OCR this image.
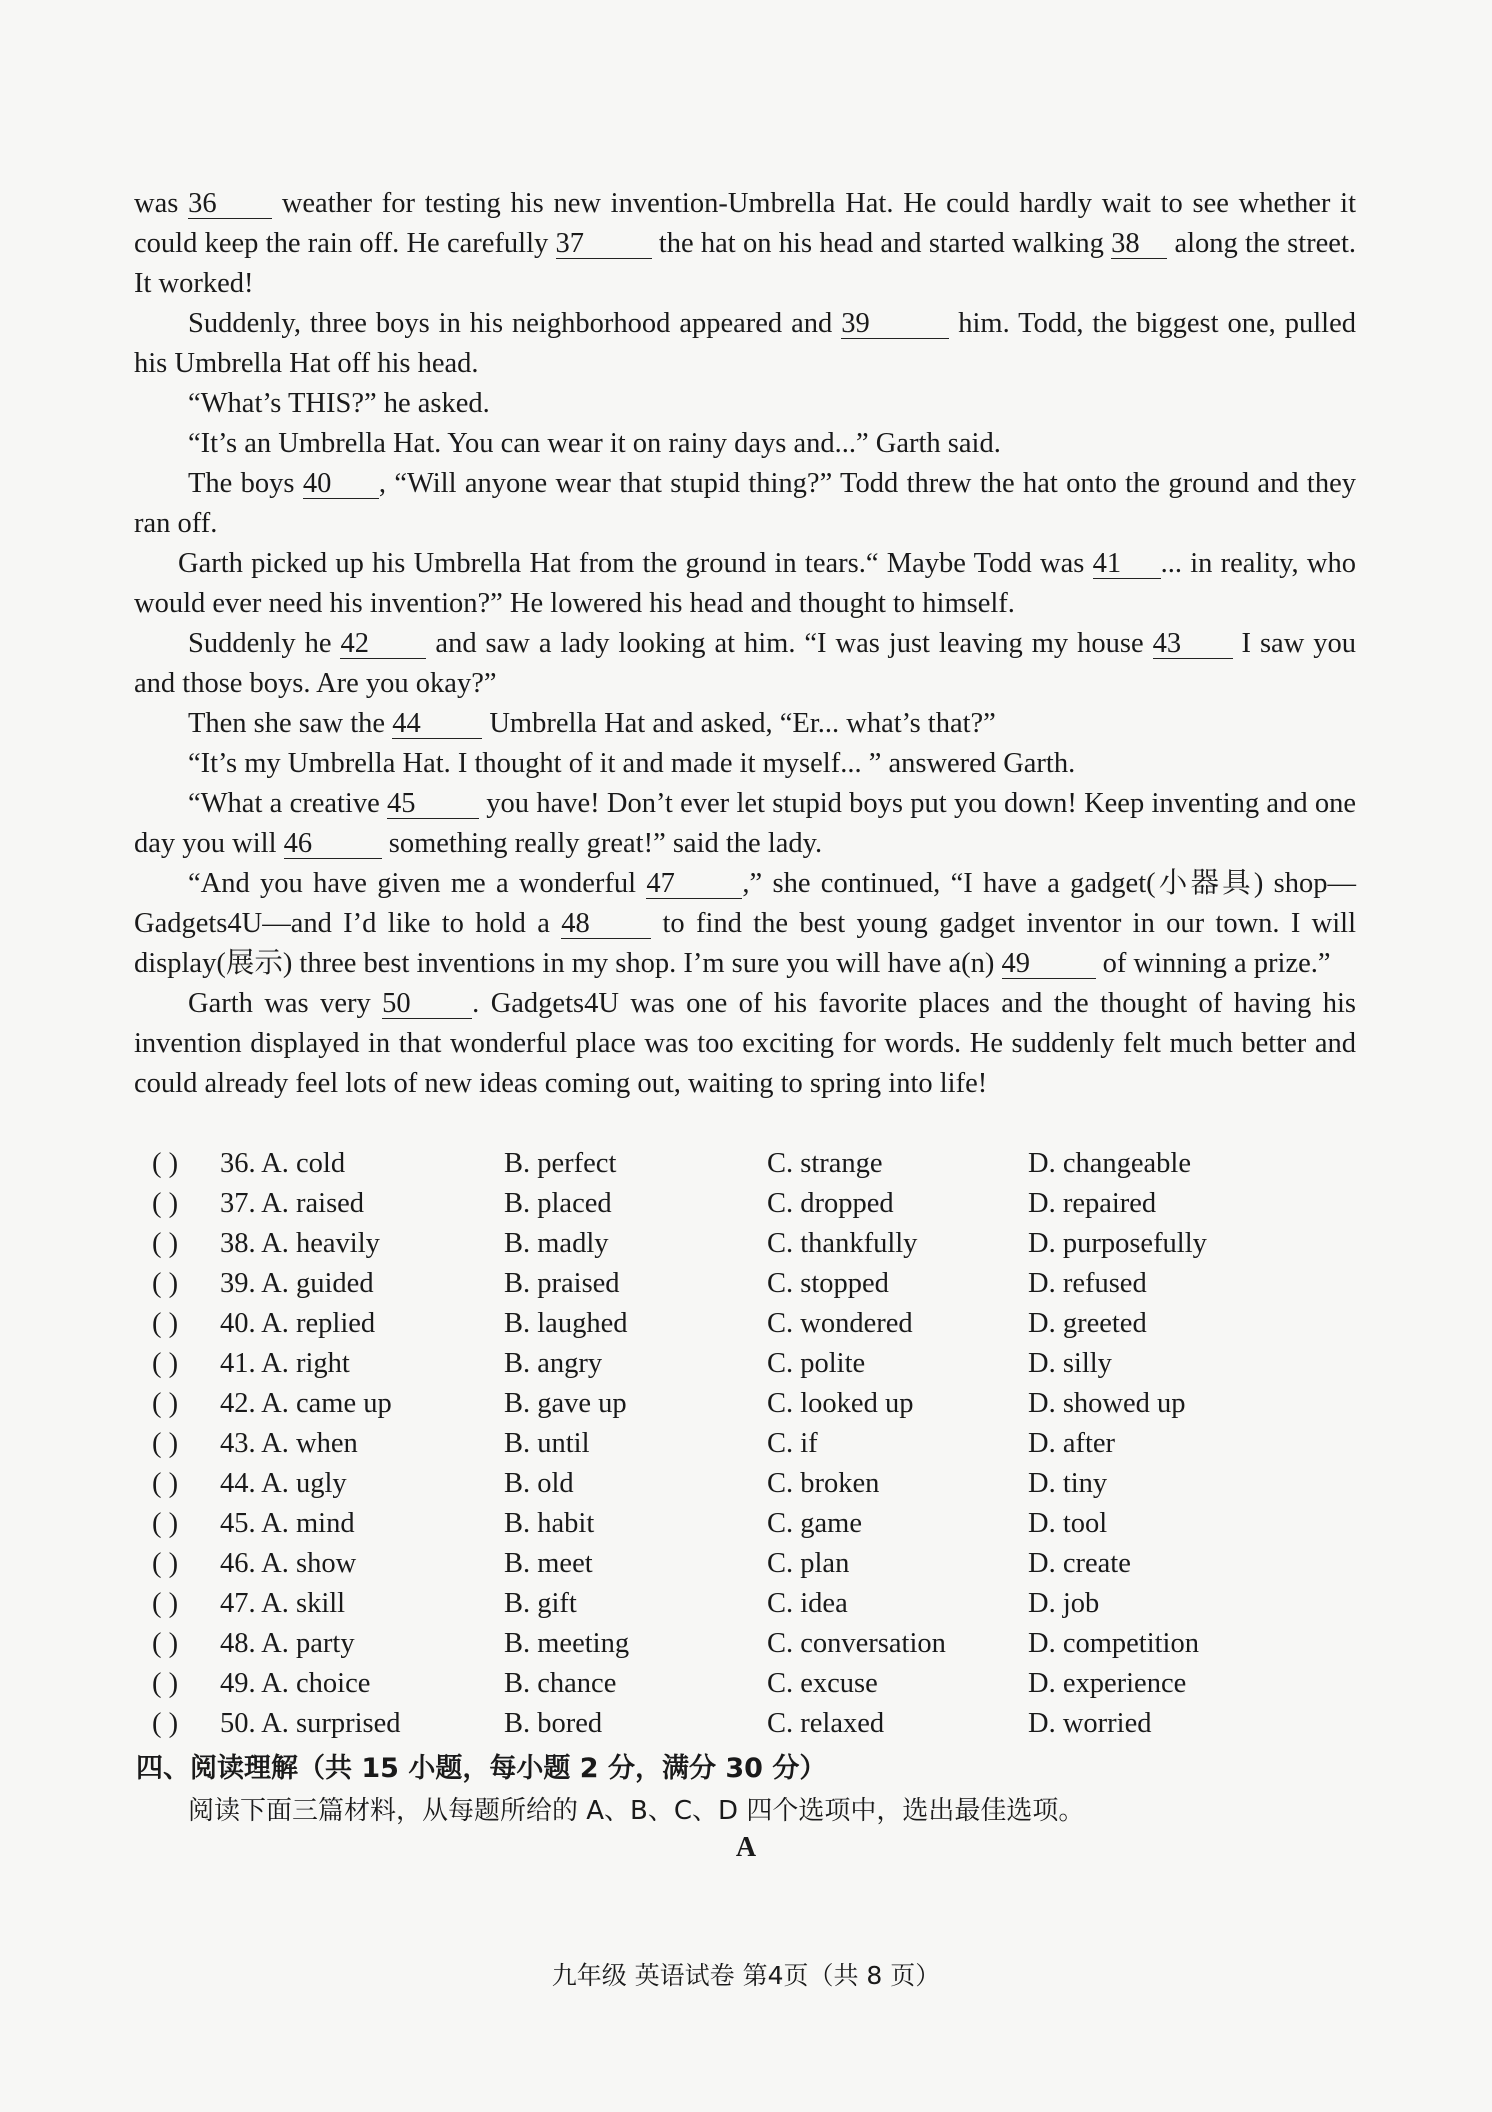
was 36 weather for testing his new invention-Umbrella Hat. He could hardly wait to see whether it could keep the rain off. He carefully 37 the hat on his head and started walking 38 along the street. It worked!

Suddenly, three boys in his neighborhood appeared and 39	him. Todd, the biggest one, pulled his Umbrella Hat off his head.

“What’s THIS?” he asked.

“It’s an Umbrella Hat. You can wear it on rainy days and...” Garth said.

The boys 40 , “Will anyone wear that stupid thing?” Todd threw the hat onto the ground and they ran off.

Garth picked up his Umbrella Hat from the ground in tears.“ Maybe Todd was 41 ... in reality, who would ever need his invention?” He lowered his head and thought to himself.

Suddenly he 42 and saw a lady looking at him. “I was just leaving my house 43 I saw you and those boys. Are you okay?”

Then she saw the 44 Umbrella Hat and asked, “Er... what’s that?”

“It’s my Umbrella Hat. I thought of it and made it myself... ” answered Garth.

“What a creative 45 you have! Don’t ever let stupid boys put you down! Keep inventing and one day you will 46 something really great!” said the lady.

“And you have given me a wonderful 47 ,” she continued, “I have a gadget(小器具) shop— Gadgets4U—and I’d like to hold a 48 to find the best young gadget inventor in our town. I will display(展示) three best inventions in my shop. I’m sure you will have a(n) 49 of winning a prize.”

Garth was very 50 . Gadgets4U was one of his favorite places and the thought of having his invention displayed in that wonderful place was too exciting for words. He suddenly felt much better and could already feel lots of new ideas coming out, waiting to spring into life!

( ) 36. A. cold	B. perfect	C. strange	D. changeable
( ) 37. A. raised	B. placed	C. dropped	D. repaired
( ) 38. A. heavily	B. madly	C. thankfully	D. purposefully
( ) 39. A. guided	B. praised	C. stopped	D. refused
( ) 40. A. replied	B. laughed	C. wondered	D. greeted
( ) 41. A. right	B. angry	C. polite	D. silly
( ) 42. A. came up	B. gave up	C. looked up	D. showed up
( ) 43. A. when	B. until	C. if	D. after
( ) 44. A. ugly	B. old	C. broken	D. tiny
( ) 45. A. mind	B. habit	C. game	D. tool
( ) 46. A. show	B. meet	C. plan	D. create
( ) 47. A. skill	B. gift	C. idea	D. job
( ) 48. A. party	B. meeting	C. conversation	D. competition
( ) 49. A. choice	B. chance	C. excuse	D. experience
( ) 50. A. surprised	B. bored	C. relaxed	D. worried
四、阅读理解（共 15 小题，每小题 2 分，满分 30 分）
阅读下面三篇材料，从每题所给的 A、B、C、D 四个选项中，选出最佳选项。
A
九年级 英语试卷 第4页（共 8 页）
